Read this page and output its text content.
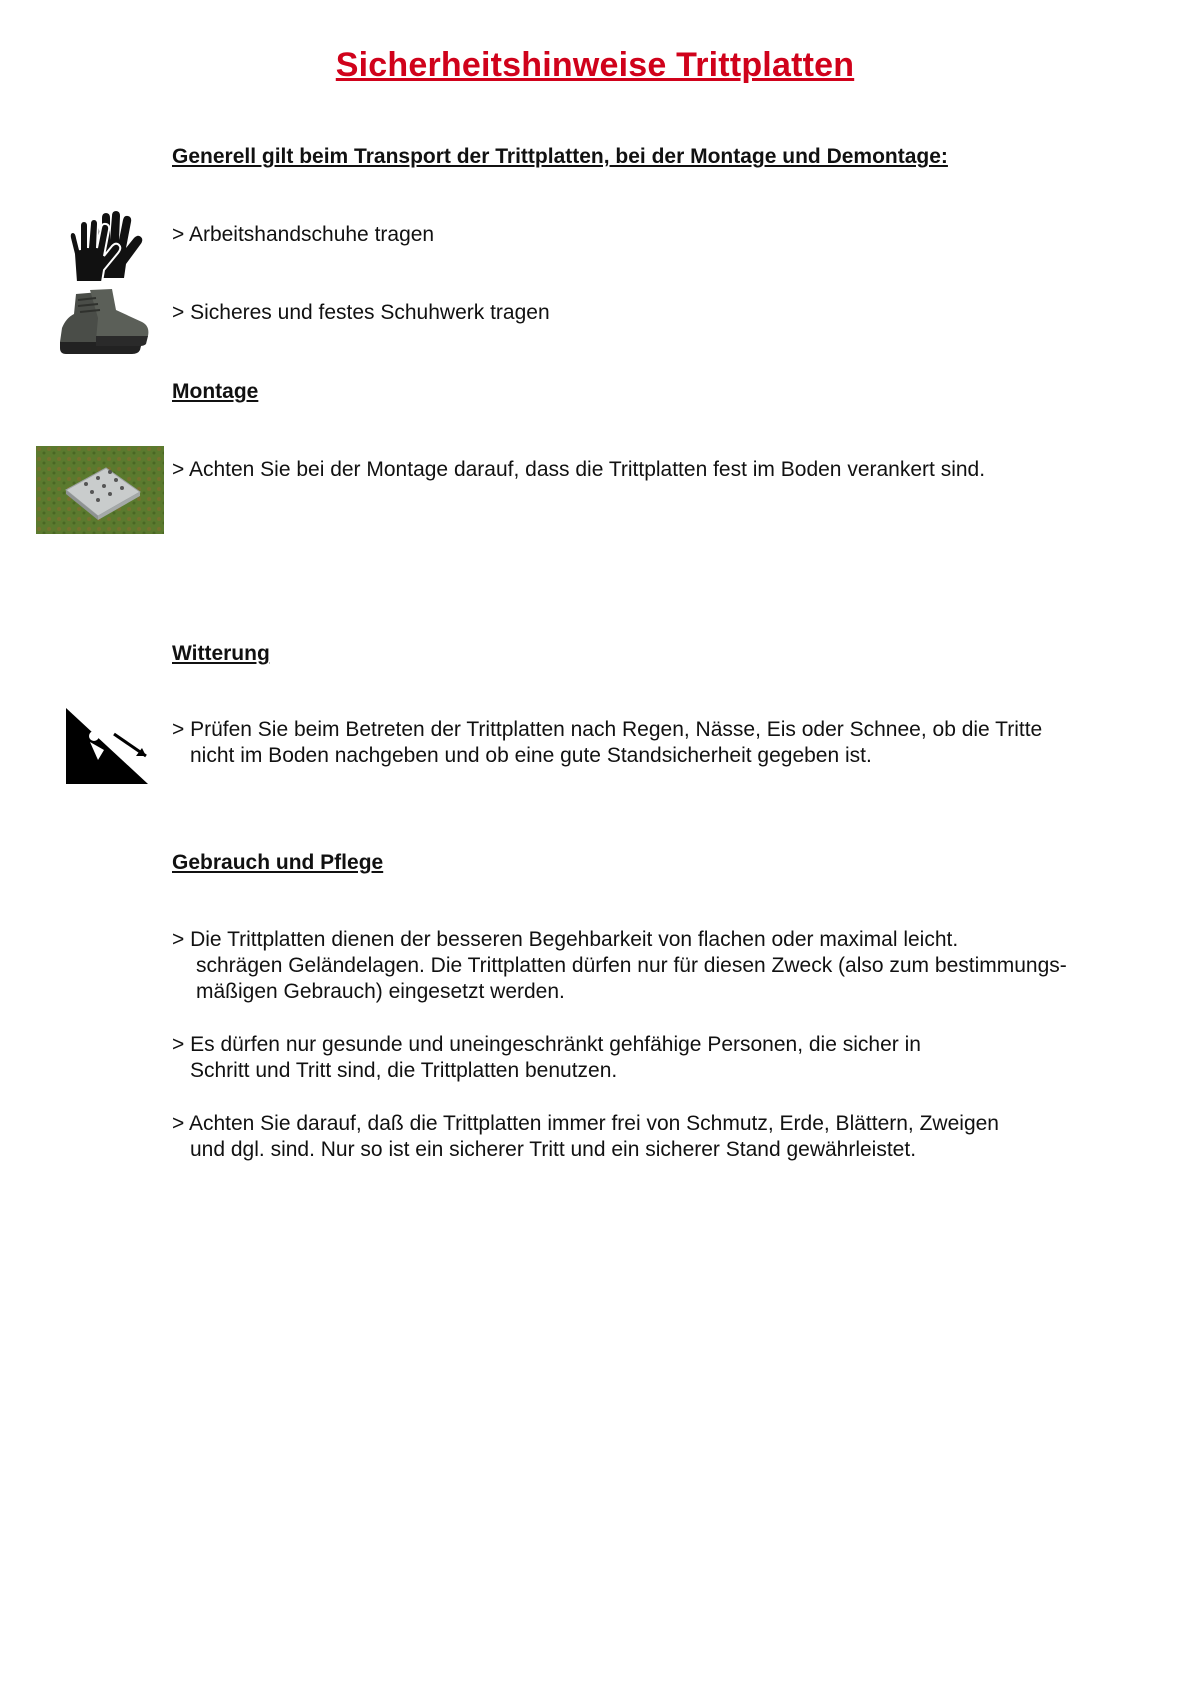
Sicherheitshinweise Trittplatten
Generell gilt beim Transport der Trittplatten, bei der Montage und Demontage:
> Arbeitshandschuhe tragen
> Sicheres und festes Schuhwerk tragen
Montage
> Achten Sie bei der Montage darauf, dass die Trittplatten fest im Boden verankert sind.
Witterung
> Prüfen Sie beim Betreten der Trittplatten nach Regen, Nässe, Eis oder Schnee, ob die Tritte
nicht im Boden nachgeben und ob eine gute Standsicherheit gegeben ist.
Gebrauch und Pflege
> Die Trittplatten dienen der besseren Begehbarkeit von flachen oder maximal leicht.
schrägen Geländelagen. Die Trittplatten dürfen nur für diesen Zweck (also zum bestimmungs-
mäßigen Gebrauch) eingesetzt werden.
> Es dürfen nur gesunde und uneingeschränkt gehfähige Personen, die sicher in
Schritt und Tritt sind, die Trittplatten benutzen.
> Achten Sie darauf, daß die Trittplatten immer frei von Schmutz, Erde, Blättern, Zweigen
und dgl. sind. Nur so ist ein sicherer Tritt und ein sicherer Stand gewährleistet.
